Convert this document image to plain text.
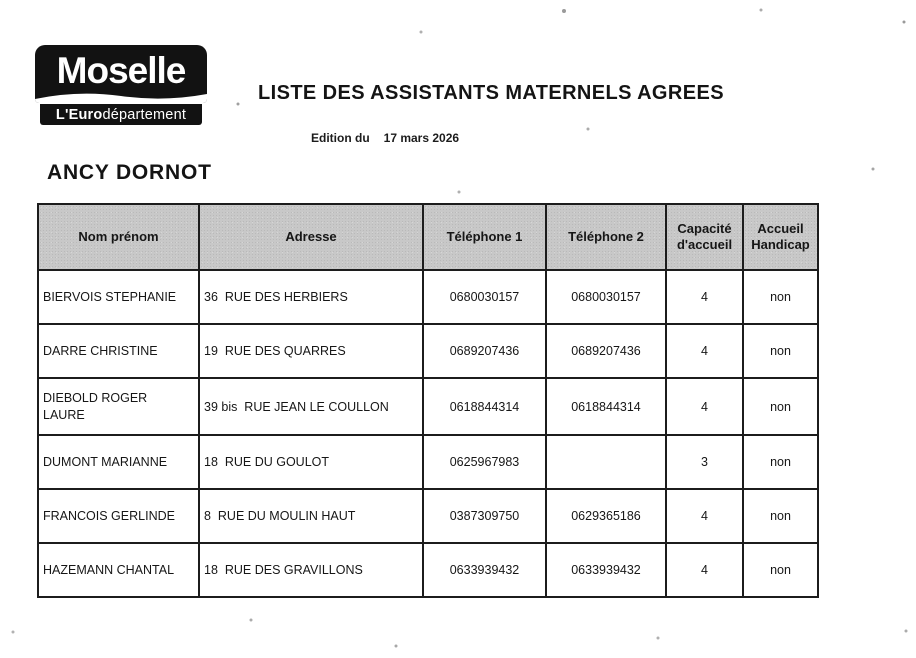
Moselle
L'Euro département
LISTE DES ASSISTANTS MATERNELS AGREES
Edition du 17 mars 2026
ANCY DORNOT
Nom prénom	Adresse	Téléphone 1	Téléphone 2	Capacité d'accueil	Accueil Handicap
BIERVOIS STEPHANIE	36  RUE DES HERBIERS	0680030157	0680030157	4	non
DARRE CHRISTINE	19  RUE DES QUARRES	0689207436	0689207436	4	non
DIEBOLD ROGER LAURE	39 bis  RUE JEAN LE COULLON	0618844314	0618844314	4	non
DUMONT MARIANNE	18  RUE DU GOULOT	0625967983		3	non
FRANCOIS GERLINDE	8  RUE DU MOULIN HAUT	0387309750	0629365186	4	non
HAZEMANN CHANTAL	18  RUE DES GRAVILLONS	0633939432	0633939432	4	non
